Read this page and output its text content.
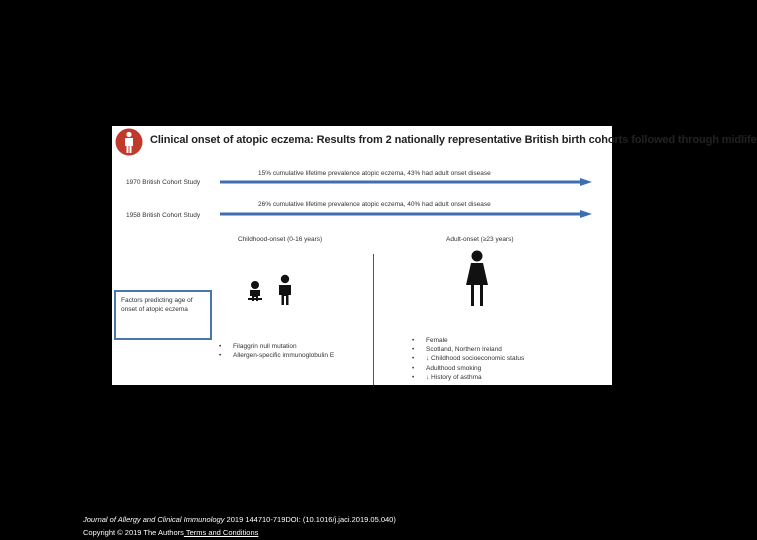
Clinical onset of atopic eczema: Results from 2 nationally representative British birth cohorts followed through midlife
1970 British Cohort Study
15% cumulative lifetime prevalence atopic eczema, 43% had adult onset disease
1958 British Cohort Study
26% cumulative lifetime prevalence atopic eczema, 40% had adult onset disease
Childhood-onset (0-16 years)	Adult-onset (≥23 years)
Factors predicting age of onset of atopic eczema
• Filaggrin null mutation
• Allergen-specific immunoglobulin E
• Female
• Scotland, Northern Ireland
• ↓ Childhood socioeconomic status
• Adulthood smoking
• ↓ History of asthma
Journal of Allergy and Clinical Immunology 2019 144710-719DOI: (10.1016/j.jaci.2019.05.040)
Copyright © 2019 The Authors Terms and Conditions
